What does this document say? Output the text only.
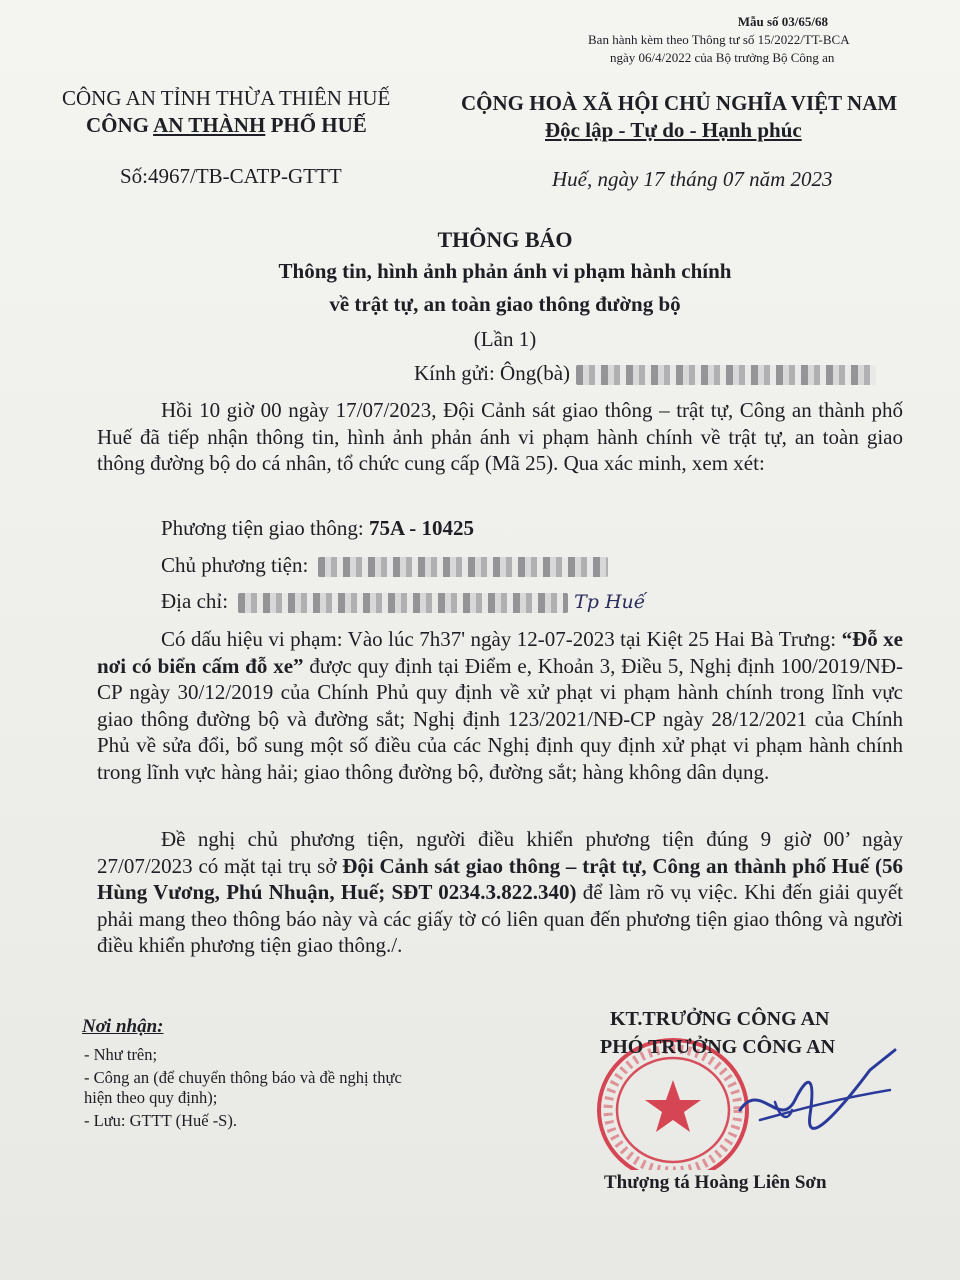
Mẫu số 03/65/68
Ban hành kèm theo Thông tư số 15/2022/TT-BCA
ngày 06/4/2022 của Bộ trưởng Bộ Công an
CÔNG AN TỈNH THỪA THIÊN HUẾ
CÔNG AN THÀNH PHỐ HUẾ
CỘNG HOÀ XÃ HỘI CHỦ NGHĨA VIỆT NAM
Độc lập - Tự do - Hạnh phúc
Số:4967/TB-CATP-GTTT	Huế, ngày 17 tháng 07 năm 2023
THÔNG BÁO
Thông tin, hình ảnh phản ánh vi phạm hành chính
về trật tự, an toàn giao thông đường bộ
(Lần 1)
Kính gửi: Ông(bà)
Hồi 10 giờ 00 ngày 17/07/2023, Đội Cảnh sát giao thông – trật tự, Công an thành phố Huế đã tiếp nhận thông tin, hình ảnh phản ánh vi phạm hành chính về trật tự, an toàn giao thông đường bộ do cá nhân, tổ chức cung cấp (Mã 25). Qua xác minh, xem xét:
Phương tiện giao thông: 75A - 10425
Chủ phương tiện:
Địa chỉ:	Tp Huế
Có dấu hiệu vi phạm: Vào lúc 7h37' ngày 12-07-2023 tại Kiệt 25 Hai Bà Trưng: “Đỗ xe nơi có biển cấm đỗ xe” được quy định tại Điểm e, Khoản 3, Điều 5, Nghị định 100/2019/NĐ-CP ngày 30/12/2019 của Chính Phủ quy định về xử phạt vi phạm hành chính trong lĩnh vực giao thông đường bộ và đường sắt; Nghị định 123/2021/NĐ-CP ngày 28/12/2021 của Chính Phủ về sửa đổi, bổ sung một số điều của các Nghị định quy định xử phạt vi phạm hành chính trong lĩnh vực hàng hải; giao thông đường bộ, đường sắt; hàng không dân dụng.
Đề nghị chủ phương tiện, người điều khiển phương tiện đúng 9 giờ 00’ ngày 27/07/2023 có mặt tại trụ sở Đội Cảnh sát giao thông – trật tự, Công an thành phố Huế (56 Hùng Vương, Phú Nhuận, Huế; SĐT 0234.3.822.340) để làm rõ vụ việc. Khi đến giải quyết phải mang theo thông báo này và các giấy tờ có liên quan đến phương tiện giao thông và người điều khiển phương tiện giao thông./.
Nơi nhận:
- Như trên;
- Công an (để chuyển thông báo và đề nghị thực
hiện theo quy định);
- Lưu: GTTT (Huế -S).
KT.TRƯỞNG CÔNG AN
PHÓ TRƯỞNG CÔNG AN
Thượng tá Hoàng Liên Sơn
